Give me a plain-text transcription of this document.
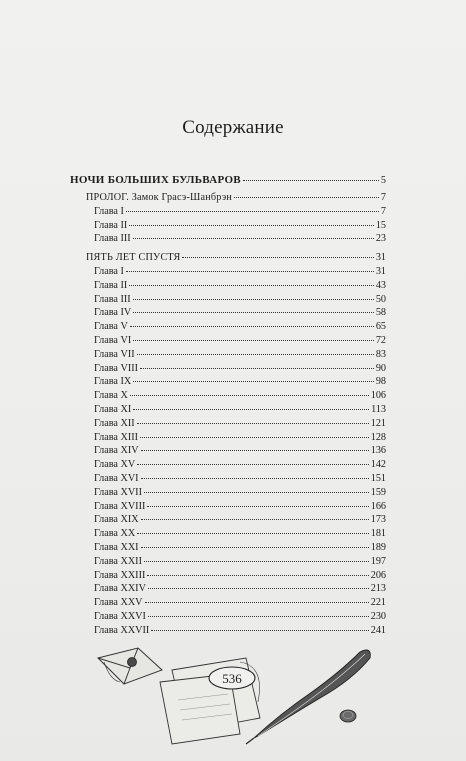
Содержание
НОЧИ БОЛЬШИХ БУЛЬВАРОВ	5
ПРОЛОГ. Замок Грасэ-Шанбрэн	7
Глава I	7
Глава II	15
Глава III	23
ПЯТЬ ЛЕТ СПУСТЯ	31
Глава I	31
Глава II	43
Глава III	50
Глава IV	58
Глава V	65
Глава VI	72
Глава VII	83
Глава VIII	90
Глава IX	98
Глава X	106
Глава XI	113
Глава XII	121
Глава XIII	128
Глава XIV	136
Глава XV	142
Глава XVI	151
Глава XVII	159
Глава XVIII	166
Глава XIX	173
Глава XX	181
Глава XXI	189
Глава XXII	197
Глава XXIII	206
Глава XXIV	213
Глава XXV	221
Глава XXVI	230
Глава XXVII	241
536
